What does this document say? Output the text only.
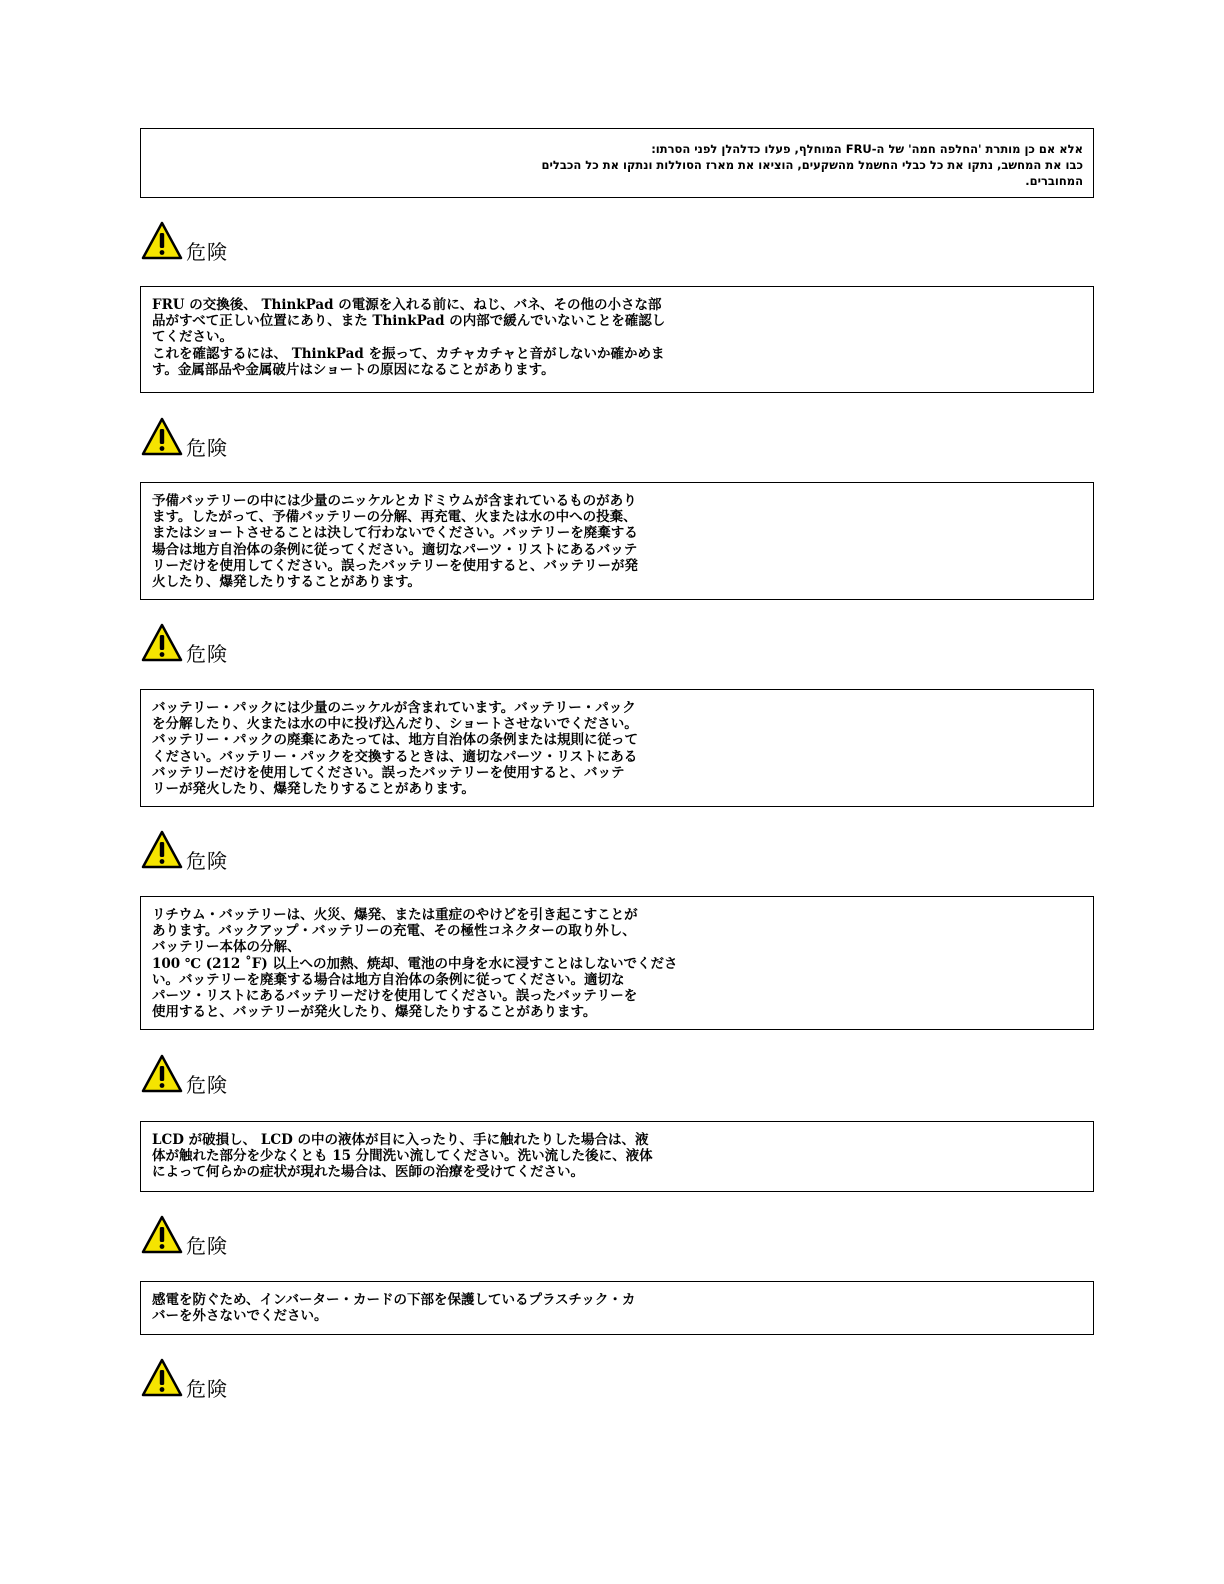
אלא אם כן מותרת 'החלפה חמה' של ה-FRU המוחלף, פעלו כדלהלן לפני הסרתו:

כבו את המחשב, נתקו את כל כבלי החשמל מהשקעים, הוציאו את מארז הסוללות ונתקו את כל הכבלים

המחוברים.

危険

FRU の交換後、 ThinkPad の電源を入れる前に、ねじ、バネ、その他の小さな部

品がすべて正しい位置にあり、また ThinkPad の内部で緩んでいないことを確認し

てください。

これを確認するには、 ThinkPad を振って、カチャカチャと音がしないか確かめま

す。金属部品や金属破片はショートの原因になることがあります。

危険

予備バッテリーの中には少量のニッケルとカドミウムが含まれているものがあり

ます。したがって、予備バッテリーの分解、再充電、火または水の中への投棄、

またはショートさせることは決して行わないでください。バッテリーを廃棄する

場合は地方自治体の条例に従ってください。適切なパーツ・リストにあるバッテ

リーだけを使用してください。誤ったバッテリーを使用すると、バッテリーが発

火したり、爆発したりすることがあります。

危険

バッテリー・パックには少量のニッケルが含まれています。バッテリー・パック

を分解したり、火または水の中に投げ込んだり、ショートさせないでください。

バッテリー・パックの廃棄にあたっては、地方自治体の条例または規則に従って

ください。バッテリー・パックを交換するときは、適切なパーツ・リストにある

バッテリーだけを使用してください。誤ったバッテリーを使用すると、バッテ

リーが発火したり、爆発したりすることがあります。

危険

リチウム・バッテリーは、火災、爆発、または重症のやけどを引き起こすことが

あります。バックアップ・バッテリーの充電、その極性コネクターの取り外し、

バッテリー本体の分解、

100 ℃ (212 ˚F) 以上への加熱、焼却、電池の中身を水に浸すことはしないでくださ

い。バッテリーを廃棄する場合は地方自治体の条例に従ってください。適切な

パーツ・リストにあるバッテリーだけを使用してください。誤ったバッテリーを

使用すると、バッテリーが発火したり、爆発したりすることがあります。

危険

LCD が破損し、 LCD の中の液体が目に入ったり、手に触れたりした場合は、液

体が触れた部分を少なくとも 15 分間洗い流してください。洗い流した後に、液体

によって何らかの症状が現れた場合は、医師の治療を受けてください。

危険

感電を防ぐため、インバーター・カードの下部を保護しているプラスチック・カ

バーを外さないでください。

危険
